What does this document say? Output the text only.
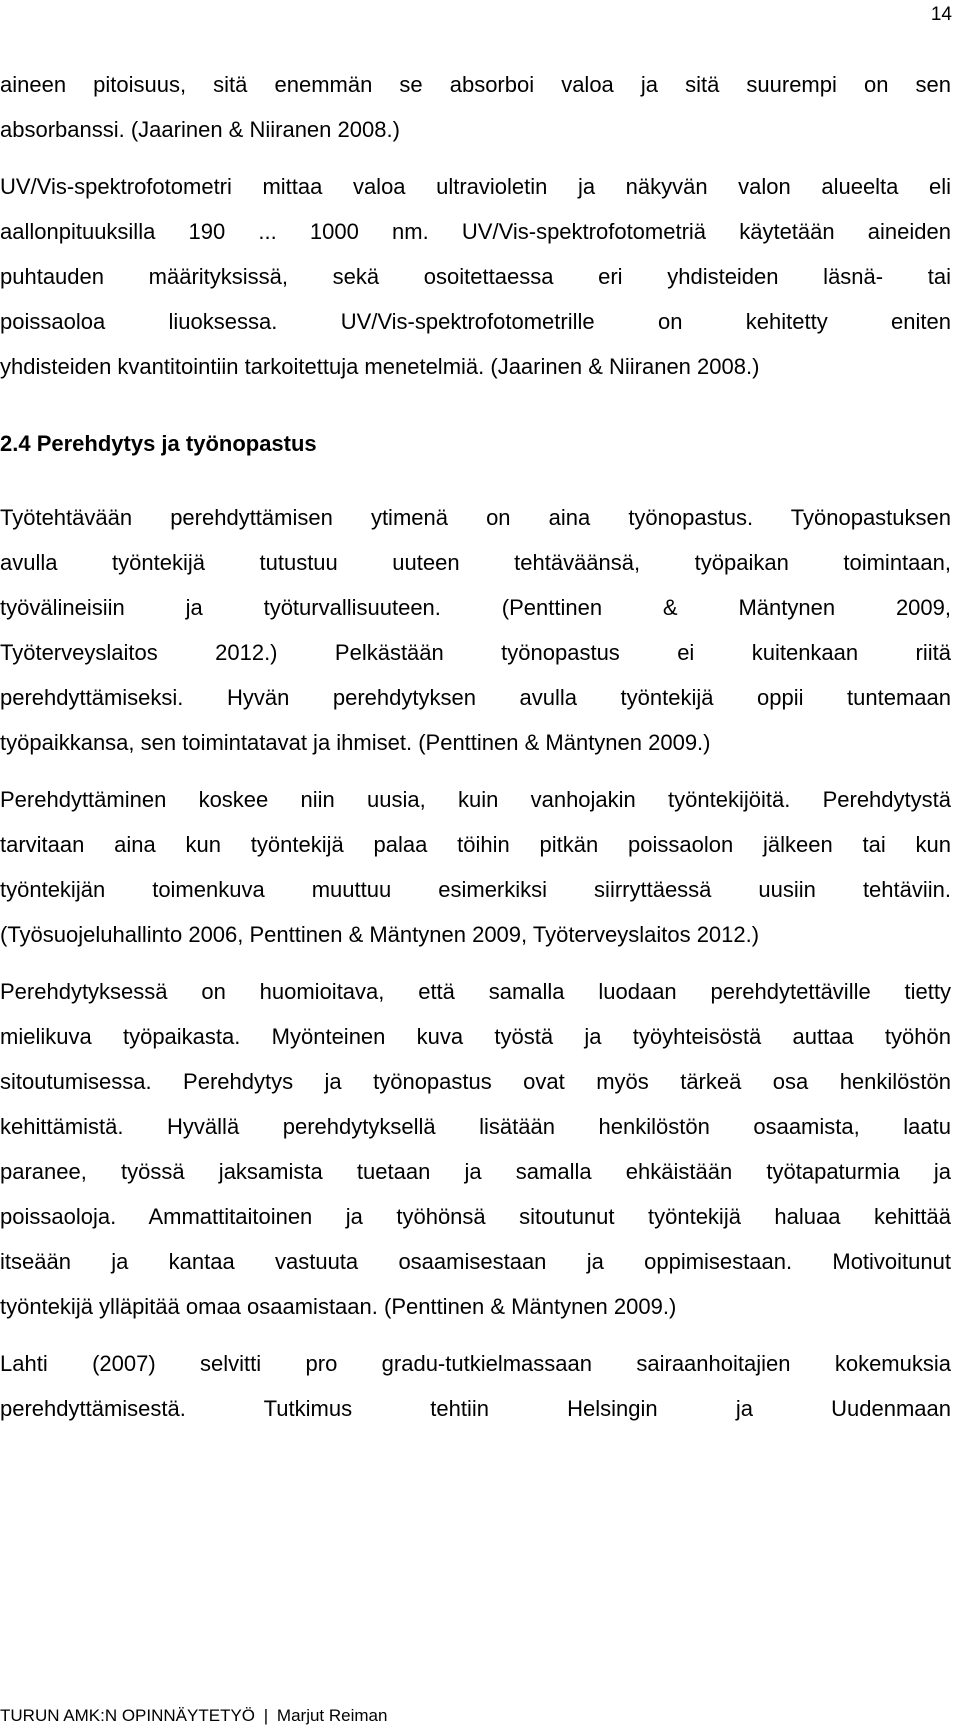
14

aineen pitoisuus, sitä enemmän se absorboi valoa ja sitä suurempi on sen
absorbanssi. (Jaarinen & Niiranen 2008.)

UV/Vis-spektrofotometri mittaa valoa ultravioletin ja näkyvän valon alueelta eli
aallonpituuksilla 190 ... 1000 nm. UV/Vis-spektrofotometriä käytetään aineiden
puhtauden määrityksissä, sekä osoitettaessa eri yhdisteiden läsnä- tai
poissaoloa liuoksessa. UV/Vis-spektrofotometrille on kehitetty eniten
yhdisteiden kvantitointiin tarkoitettuja menetelmiä. (Jaarinen & Niiranen 2008.)

2.4 Perehdytys ja työnopastus

Työtehtävään perehdyttämisen ytimenä on aina työnopastus. Työnopastuksen
avulla työntekijä tutustuu uuteen tehtäväänsä, työpaikan toimintaan,
työvälineisiin ja työturvallisuuteen. (Penttinen & Mäntynen 2009,
Työterveyslaitos 2012.) Pelkästään työnopastus ei kuitenkaan riitä
perehdyttämiseksi. Hyvän perehdytyksen avulla työntekijä oppii tuntemaan
työpaikkansa, sen toimintatavat ja ihmiset. (Penttinen & Mäntynen 2009.)

Perehdyttäminen koskee niin uusia, kuin vanhojakin työntekijöitä. Perehdytystä
tarvitaan aina kun työntekijä palaa töihin pitkän poissaolon jälkeen tai kun
työntekijän toimenkuva muuttuu esimerkiksi siirryttäessä uusiin tehtäviin.
(Työsuojeluhallinto 2006, Penttinen & Mäntynen 2009, Työterveyslaitos 2012.)

Perehdytyksessä on huomioitava, että samalla luodaan perehdytettäville tietty
mielikuva työpaikasta. Myönteinen kuva työstä ja työyhteisöstä auttaa työhön
sitoutumisessa. Perehdytys ja työnopastus ovat myös tärkeä osa henkilöstön
kehittämistä. Hyvällä perehdytyksellä lisätään henkilöstön osaamista, laatu
paranee, työssä jaksamista tuetaan ja samalla ehkäistään työtapaturmia ja
poissaoloja. Ammattitaitoinen ja työhönsä sitoutunut työntekijä haluaa kehittää
itseään ja kantaa vastuuta osaamisestaan ja oppimisestaan. Motivoitunut
työntekijä ylläpitää omaa osaamistaan. (Penttinen & Mäntynen 2009.)

Lahti (2007) selvitti pro gradu-tutkielmassaan sairaanhoitajien kokemuksia
perehdyttämisestä. Tutkimus tehtiin Helsingin ja Uudenmaan

TURUN AMK:N OPINNÄYTETYÖ | Marjut Reiman
